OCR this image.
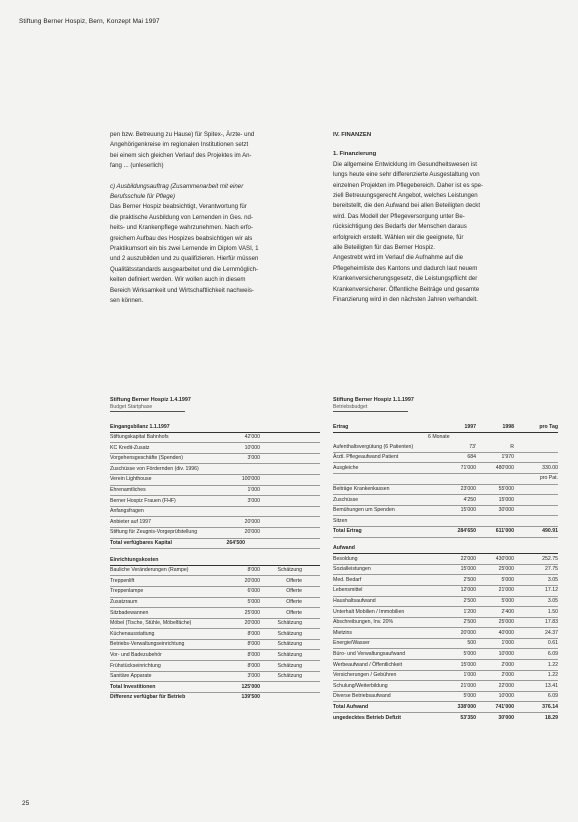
Stiftung Berner Hospiz, Bern, Konzept Mai 1997

pen bzw. Betreuung zu Hause) für Spitex-, Ärzte- und

Angehörigenkreise im regionalen Institutionen setzt

bei einem sich gleichen Verlauf des Projektes im An-

fang ... (unleserlich)

c) Ausbildungsauftrag (Zusammenarbeit mit einer

Berufsschule für Pflege)

Das Berner Hospiz beabsichtigt, Verantwortung für

die praktische Ausbildung von Lernenden in Ges. nd-

heits- und Krankenpflege wahrzunehmen. Nach erfo-

greichem Aufbau des Hospizes beabsichtigen wir als

Praktikumsort ein bis zwei Lernende im Diplom VASI, 1

und 2 auszubilden und zu qualifizieren. Hierfür müssen

Qualitätsstandards ausgearbeitet und die Lernmöglich-

keiten definiert werden. Wir wollen auch in diesem

Bereich Wirksamkeit und Wirtschaftlichkeit nachweis-

sen können.

IV. FINANZEN
1. Finanzierung

Die allgemeine Entwicklung im Gesundheitswesen ist

lungs heute eine sehr differenzierte Ausgestaltung von

einzelnen Projekten im Pflegebereich. Daher ist es spe-

ziell Betreuungsgerecht Angebot, welches Leistungen

bereitstellt, die den Aufwand bei allen Beteiligten deckt

wird. Das Modell der Pflegeversorgung unter Be-

rücksichtigung des Bedarfs der Menschen daraus

erfolgreich erstellt. Wählen wir die geeignete, für

alle Beteiligten für das Berner Hospiz.

Angestrebt wird im Verlauf die Aufnahme auf die

Pflegeheimliste des Kantons und dadurch laut neuem

Krankenversicherungsgesetz, die Leistungspflicht der

Krankenversicherer. Öffentliche Beiträge und gesamte

Finanzierung wird in den nächsten Jahren verhandelt.

Stiftung Berner Hospiz 1.4.1997
Budget Startphase
Eingangsbilanz 1.1.1997
Stiftungskapital Bahnhofs	42'000
KC Kredit-Zusatz	10'000
Vorgehensgeschäfte (Spenden)	3'000
Zuschüsse von Fördernden (div. 1996)
Verein Lighthouse	100'000
Ehrenamtliches	1'000
Berner Hospiz Frauen (FHF)	3'000
Anfangsfragen
Anbieter auf 1997	20'000
Stiftung für Zeugnis-Vorgeprüfstellung	20'000
Total verfügbares Kapital	264'500
Einrichtungskosten
Bauliche Veränderungen (Rampe)	8'000	Schätzung
Treppenlift	20'000	Offerte
Treppenlampe	6'000	Offerte
Zusatzraum	5'000	Offerte
Sitzbadewannen	25'000	Offerte
Möbel (Tische, Stühle, Möbelfäche)	20'000	Schätzung
Küchenausstattung	8'000	Schätzung
Betriebs-Verwaltungseinrichtung	8'000	Schätzung
Vor- und Badezubehör	8'000	Schätzung
Frühstückseinrichtung	8'000	Schätzung
Sanitäre Apparate	3'000	Schätzung
Total Investitionen	125'000
Differenz verfügbar für Betrieb	139'500
Stiftung Berner Hospiz 1.1.1997
Betriebsbudget
Ertrag	1997	1998	pro Tag
6 Monate
Aufenthaltsvergütung (6 Patienten)	73'	R
Ärztl. Pflegeaufwand Patient	684	1'970
Ausgleiche	71'000	480'000	330.00
pro Pat.
Beiträge Krankenkassen	23'000	55'000
Zuschüsse	4'250	15'000
Bemühungen um Spenden	15'000	30'000
Sitzen
Total Ertrag	284'650	611'000	490.91
Aufwand
Besoldung	22'000	430'000	252.75
Sozialleistungen	15'000	25'000	27.75
Med. Bedarf	2'500	5'000	3.05
Lebensmittel	12'000	21'000	17.12
Haushaltsaufwand	2'500	5'000	3.05
Unterhalt Mobilien / Immobilien	1'200	2'400	1.50
Abschreibungen, Inv. 20%	2'500	25'000	17.83
Mietzins	20'000	40'000	24.37
Energie/Wasser	500	1'000	0.61
Büro- und Verwaltungsaufwand	5'000	10'000	6.09
Werbeaufwand / Öffentlichkeit	15'000	2'000	1.22
Versicherungen / Gebühren	1'000	2'000	1.22
Schulung/Weiterbildung	21'000	22'000	13.41
Diverse Betriebsaufwand	5'000	10'000	6.09
Total Aufwand	338'000	741'000	376.14
ungedecktes Betrieb Defizit	53'350	30'000	18.29
25
